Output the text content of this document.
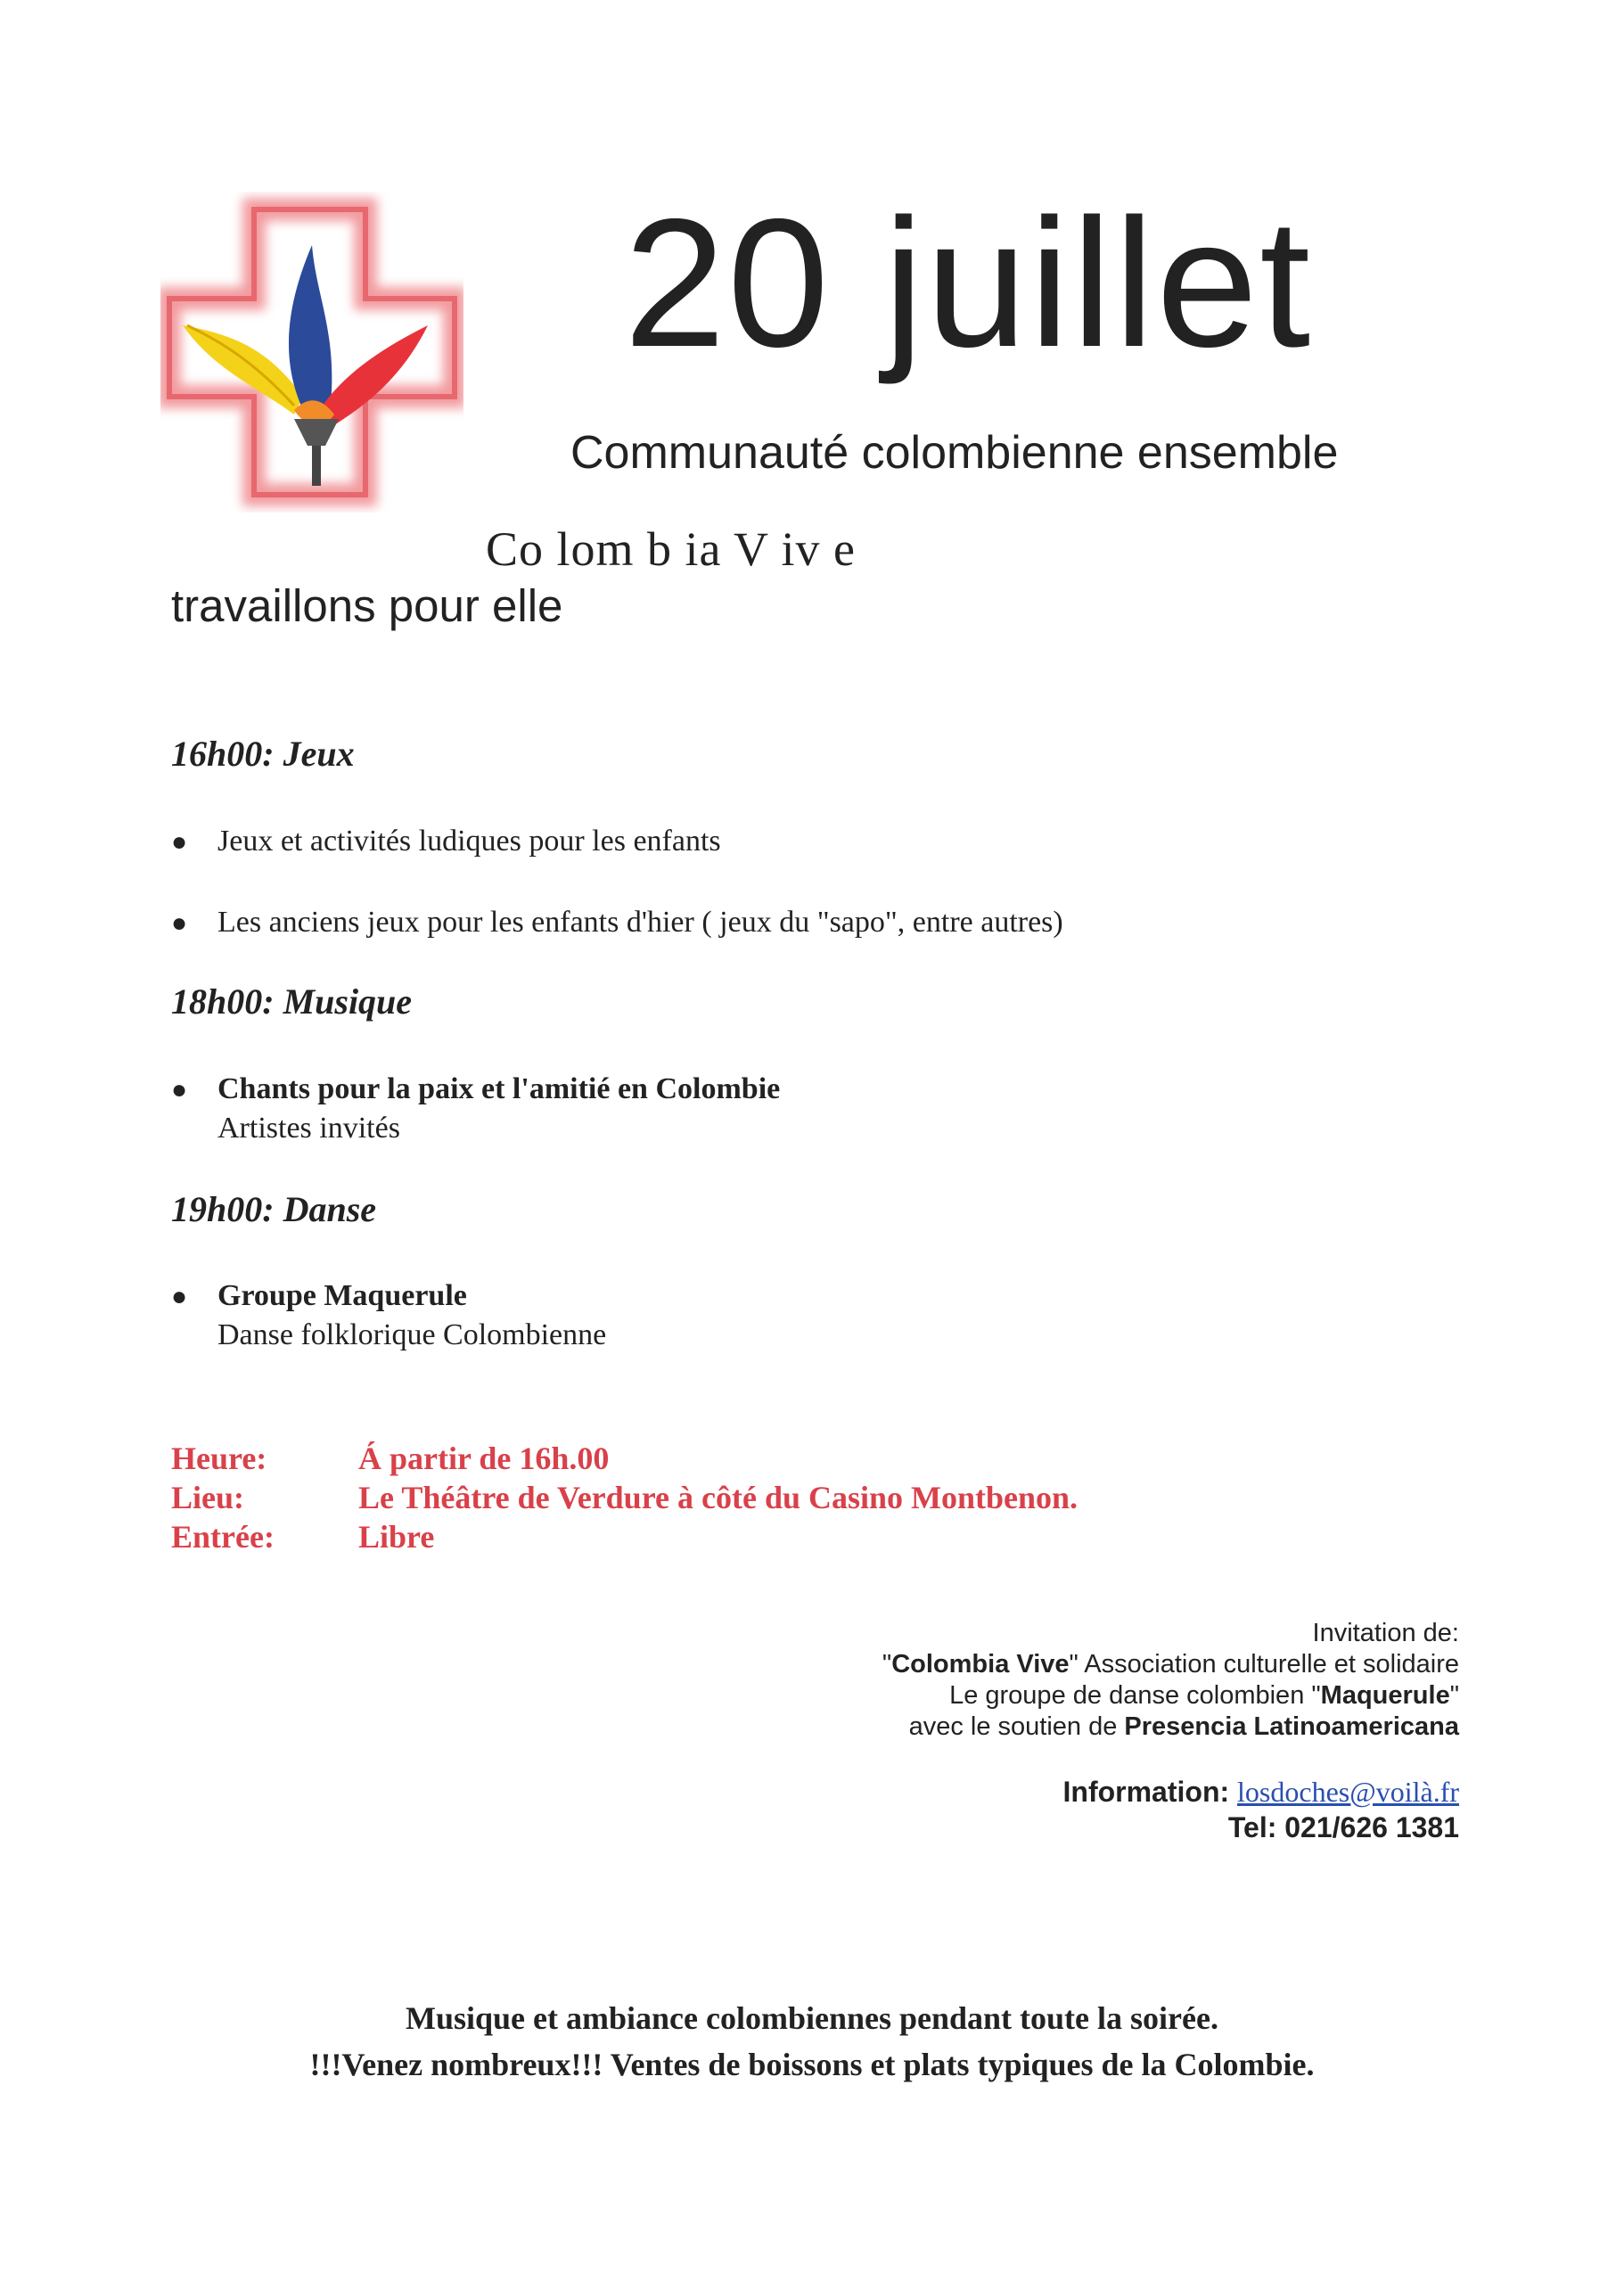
20 juillet
Communauté colombienne ensemble
Co lom b ia V iv e
travaillons pour elle
16h00: Jeux
● Jeux et activités ludiques pour les enfants
● Les anciens jeux pour les enfants d'hier ( jeux du "sapo", entre autres)
18h00: Musique
● Chants pour la paix et l'amitié en Colombie
Artistes invités
19h00: Danse
● Groupe Maquerule
Danse folklorique Colombienne
Heure:	Á partir de 16h.00
Lieu:	Le Théâtre de Verdure à côté du Casino Montbenon.
Entrée:	Libre
Invitation de:
"Colombia Vive" Association culturelle et solidaire
Le groupe de danse colombien "Maquerule"
avec le soutien de Presencia Latinoamericana
Information: losdoches@voilà.fr
Tel: 021/626 1381
Musique et ambiance colombiennes pendant toute la soirée.
!!!Venez nombreux!!! Ventes de boissons et plats typiques de la Colombie.
